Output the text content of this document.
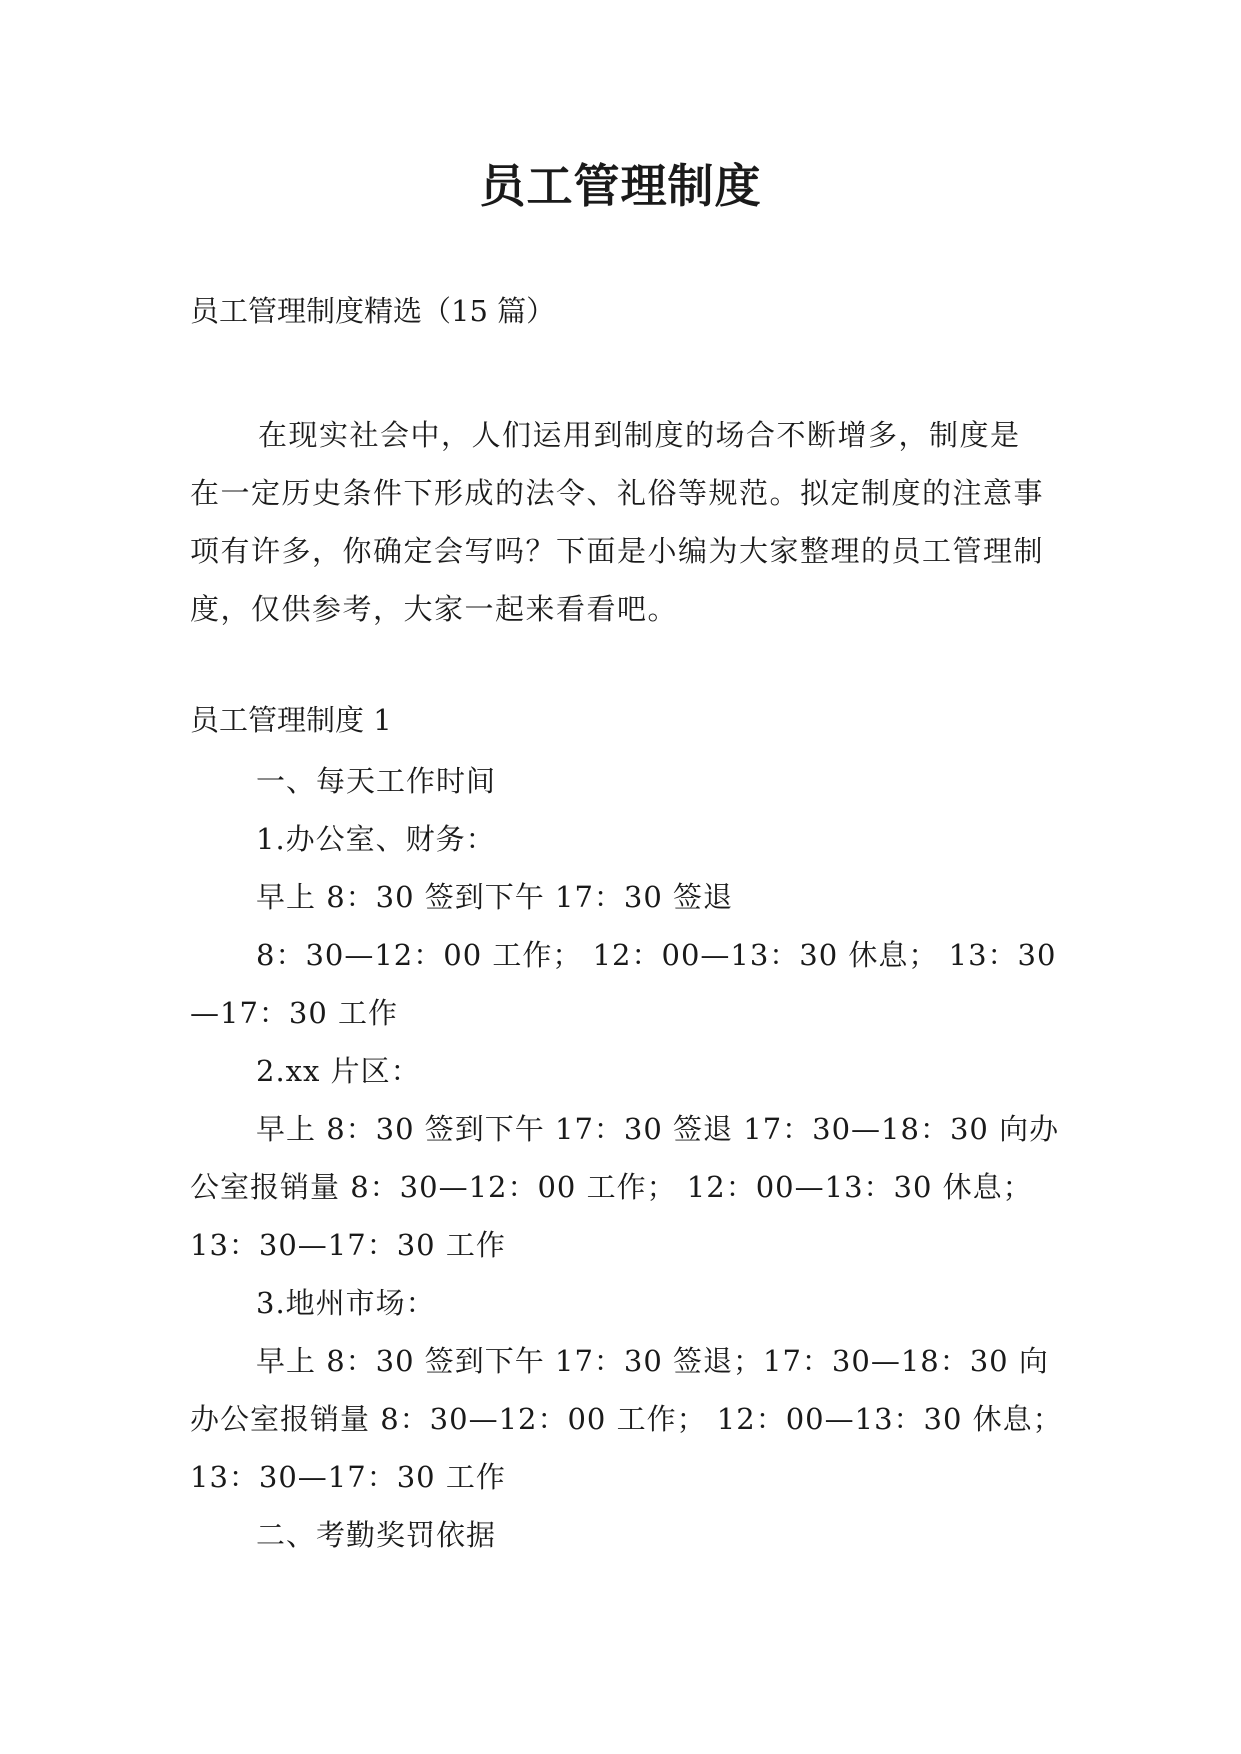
员工管理制度

员工管理制度精选（15 篇）

在现实社会中，人们运用到制度的场合不断增多，制度是在一定历史条件下形成的法令、礼俗等规范。拟定制度的注意事项有许多，你确定会写吗？下面是小编为大家整理的员工管理制度，仅供参考，大家一起来看看吧。

员工管理制度 1

一、每天工作时间

1.办公室、财务：

早上 8：30 签到下午 17：30 签退

8：30—12：00 工作； 12：00—13：30 休息； 13：30—17：30 工作

2.xx 片区：

早上 8：30 签到下午 17：30 签退 17：30—18：30 向办公室报销量 8：30—12：00 工作； 12：00—13：30 休息；13：30—17：30 工作

3.地州市场：

早上 8：30 签到下午 17：30 签退；17：30—18：30 向办公室报销量 8：30—12：00 工作； 12：00—13：30 休息； 13：30—17：30 工作

二、考勤奖罚依据
